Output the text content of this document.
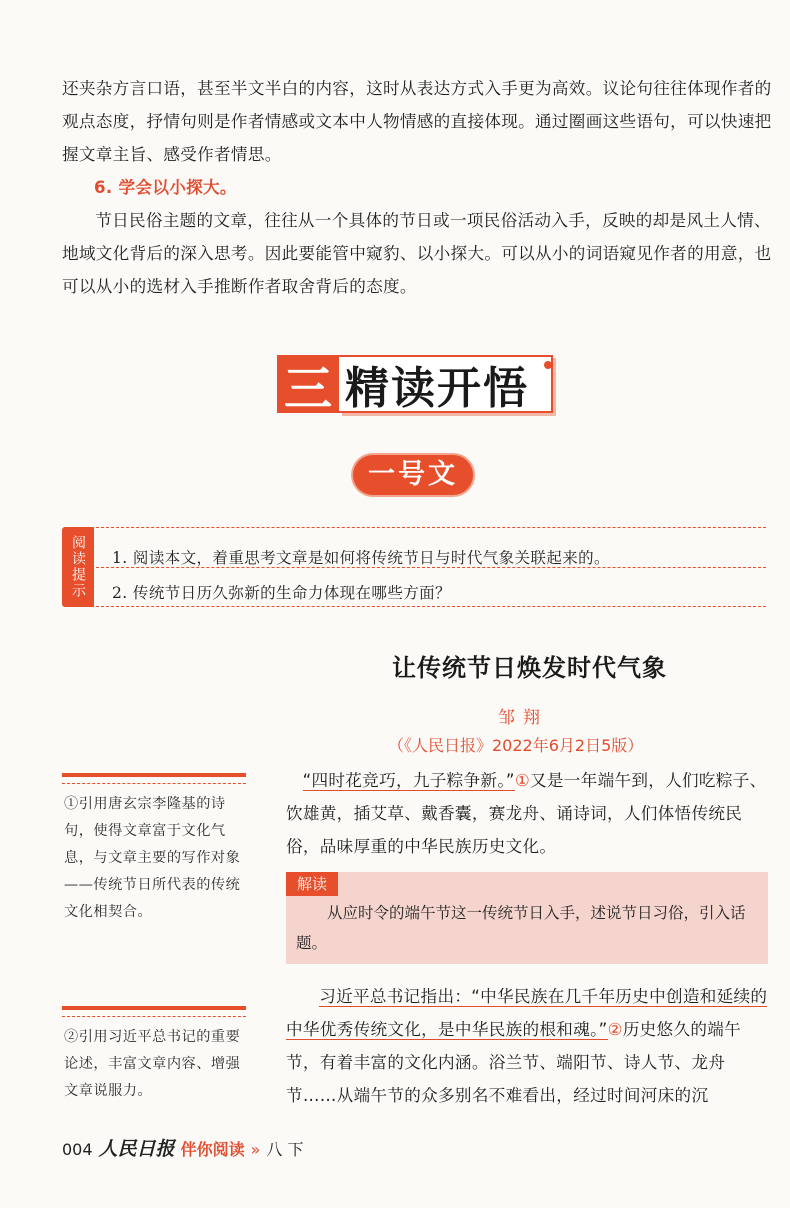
还夹杂方言口语，甚至半文半白的内容，这时从表达方式入手更为高效。议论句往往体现作者的观点态度，抒情句则是作者情感或文本中人物情感的直接体现。通过圈画这些语句，可以快速把握文章主旨、感受作者情思。
6. 学会以小探大。
节日民俗主题的文章，往往从一个具体的节日或一项民俗活动入手，反映的却是风土人情、地域文化背后的深入思考。因此要能管中窥豹、以小探大。可以从小的词语窥见作者的用意，也可以从小的选材入手推断作者取舍背后的态度。
三 精读开悟
一号文
阅读提示	1. 阅读本文，着重思考文章是如何将传统节日与时代气象关联起来的。
2. 传统节日历久弥新的生命力体现在哪些方面？
让传统节日焕发时代气象
邹翔
（《人民日报》2022年6月2日5版）
①引用唐玄宗李隆基的诗句，使得文章富于文化气息，与文章主要的写作对象——传统节日所代表的传统文化相契合。
②引用习近平总书记的重要论述，丰富文章内容、增强文章说服力。
“四时花竞巧，九子粽争新。”①又是一年端午到，人们吃粽子、饮雄黄，插艾草、戴香囊，赛龙舟、诵诗词，人们体悟传统民俗，品味厚重的中华民族历史文化。
解读
从应时令的端午节这一传统节日入手，述说节日习俗，引入话题。
习近平总书记指出：“中华民族在几千年历史中创造和延续的中华优秀传统文化，是中华民族的根和魂。”②历史悠久的端午节，有着丰富的文化内涵。浴兰节、端阳节、诗人节、龙舟节……从端午节的众多别名不难看出，经过时间河床的沉
004 人民日报 伴你阅读 » 八 下
